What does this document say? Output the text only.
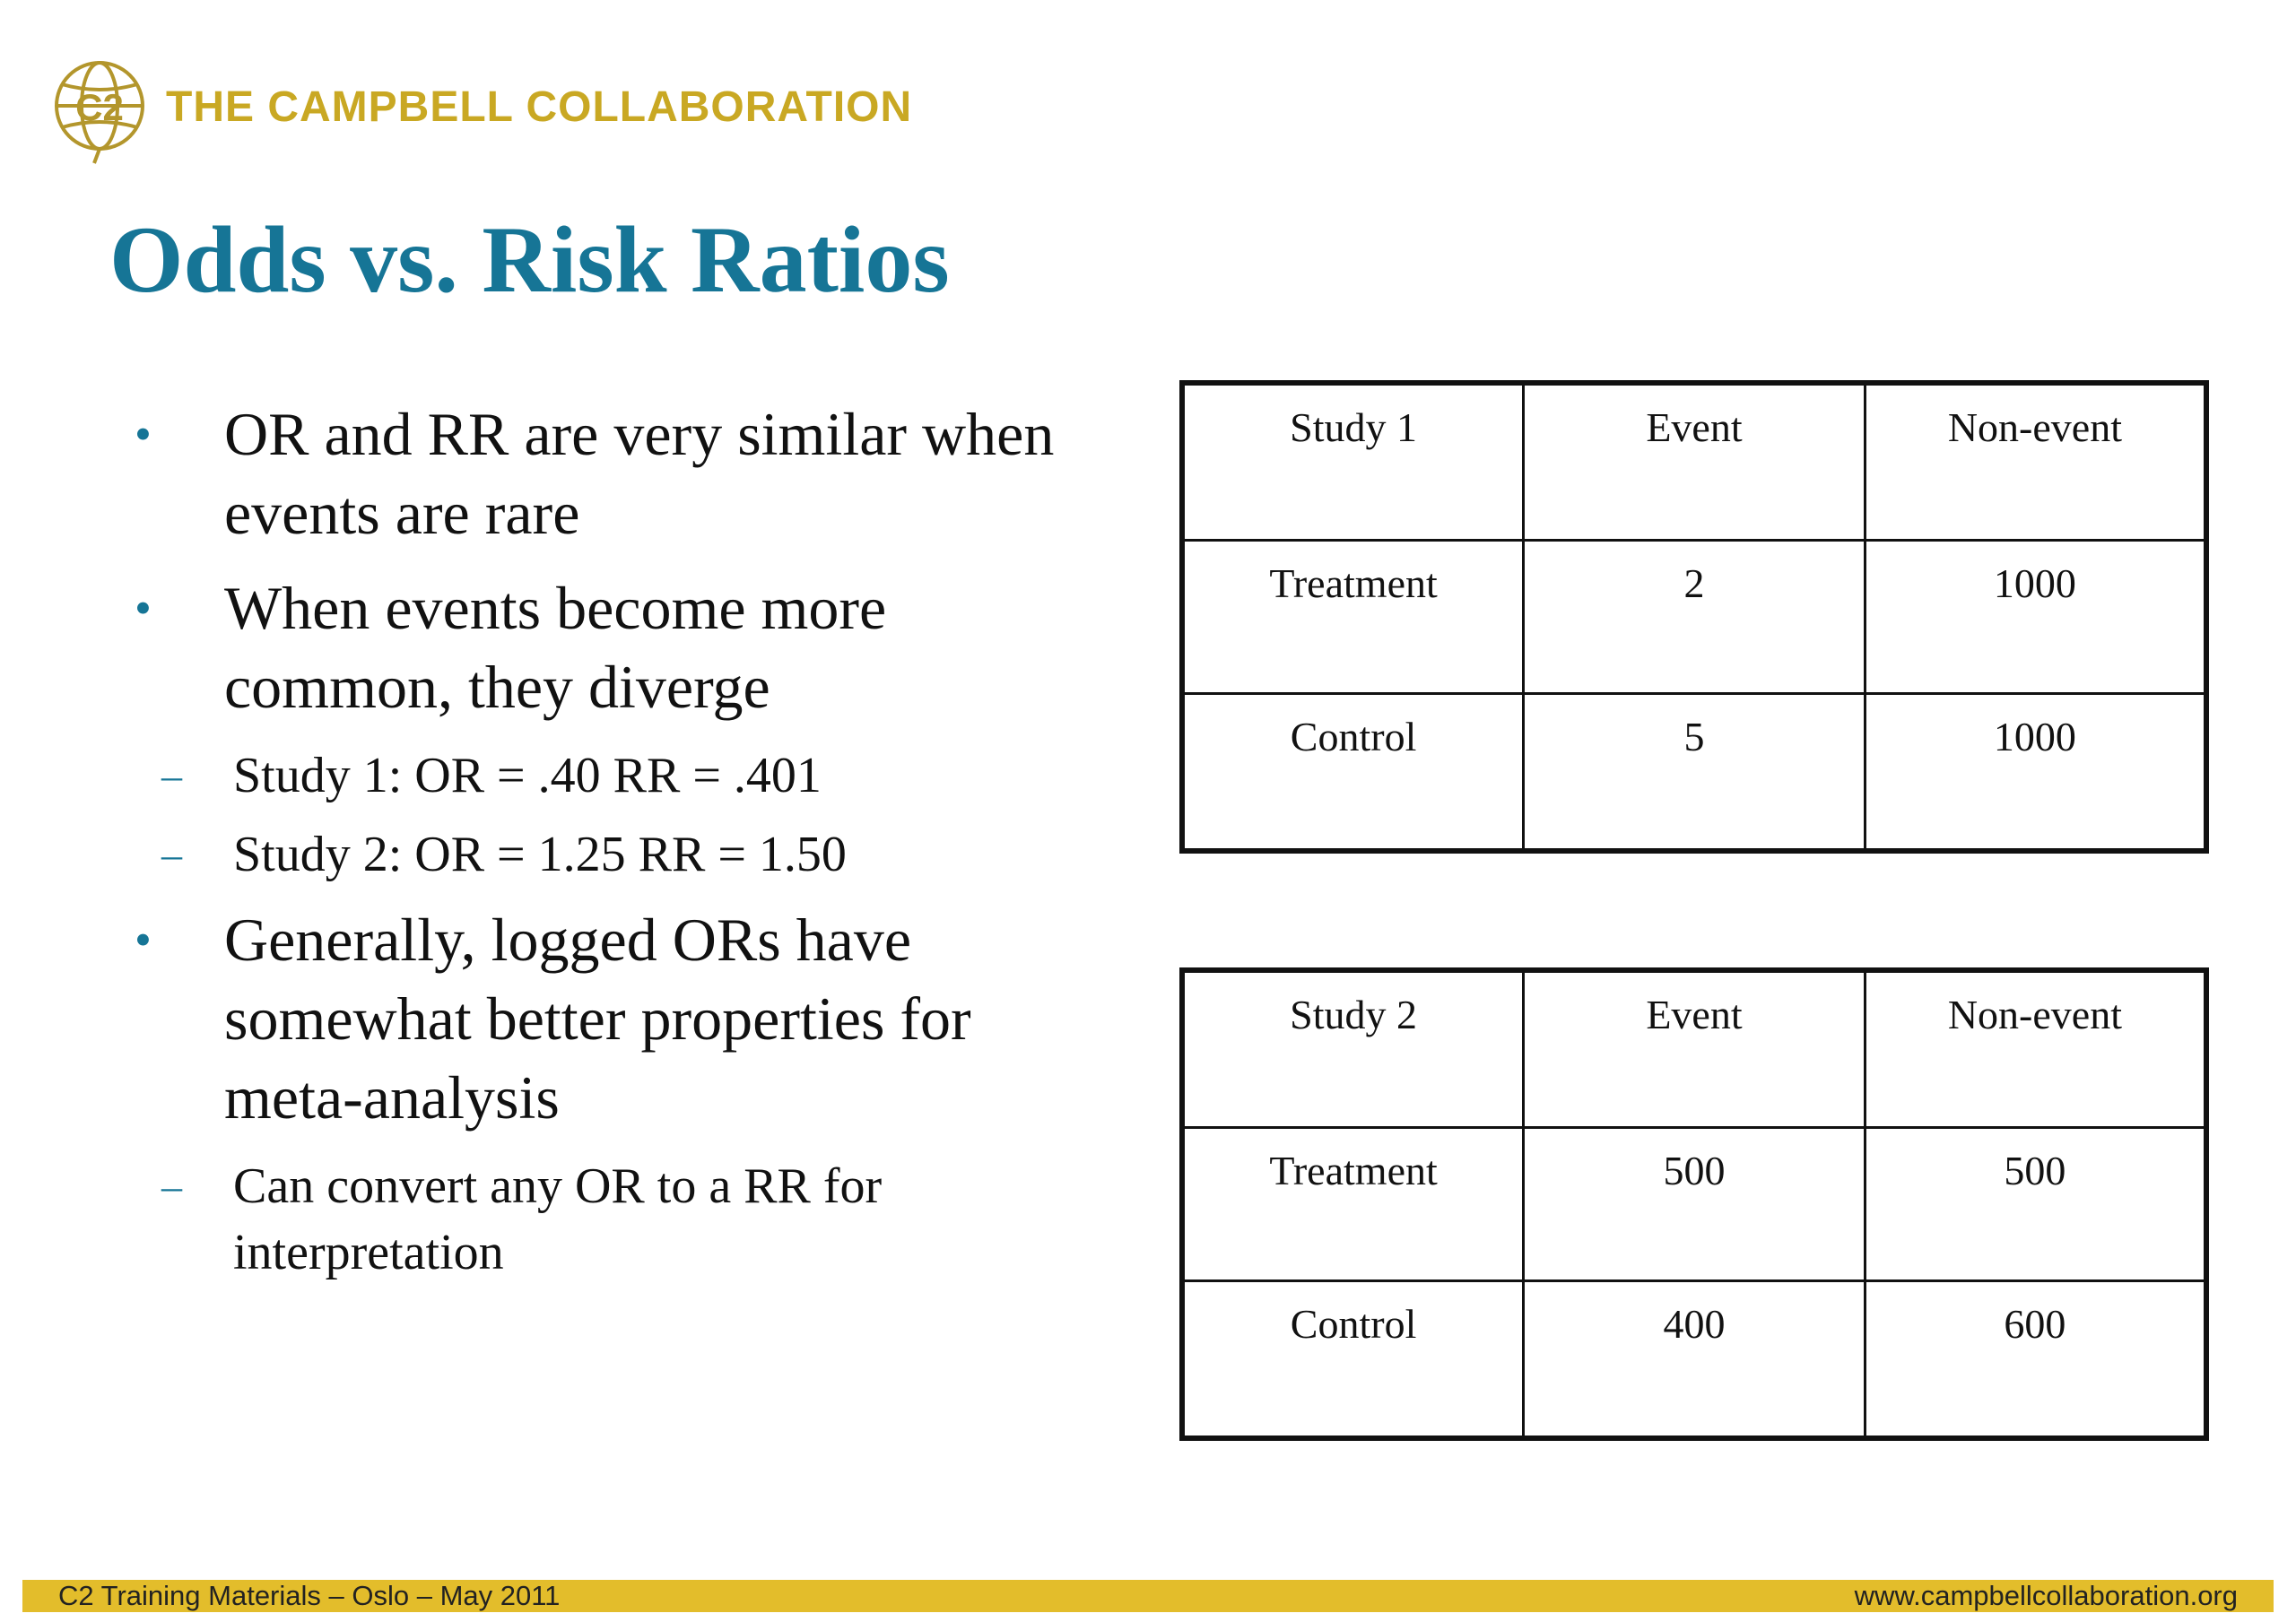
C2 THE CAMPBELL COLLABORATION
Odds vs. Risk Ratios
• OR and RR are very similar when events are rare
• When events become more common, they diverge
– Study 1: OR = .40 RR = .401
– Study 2: OR = 1.25 RR = 1.50
• Generally, logged ORs have somewhat better properties for meta-analysis
– Can convert any OR to a RR for interpretation
Study 1	Event	Non-event
Treatment	2	1000
Control	5	1000
Study 2	Event	Non-event
Treatment	500	500
Control	400	600
C2 Training Materials – Oslo – May 2011	www.campbellcollaboration.org
